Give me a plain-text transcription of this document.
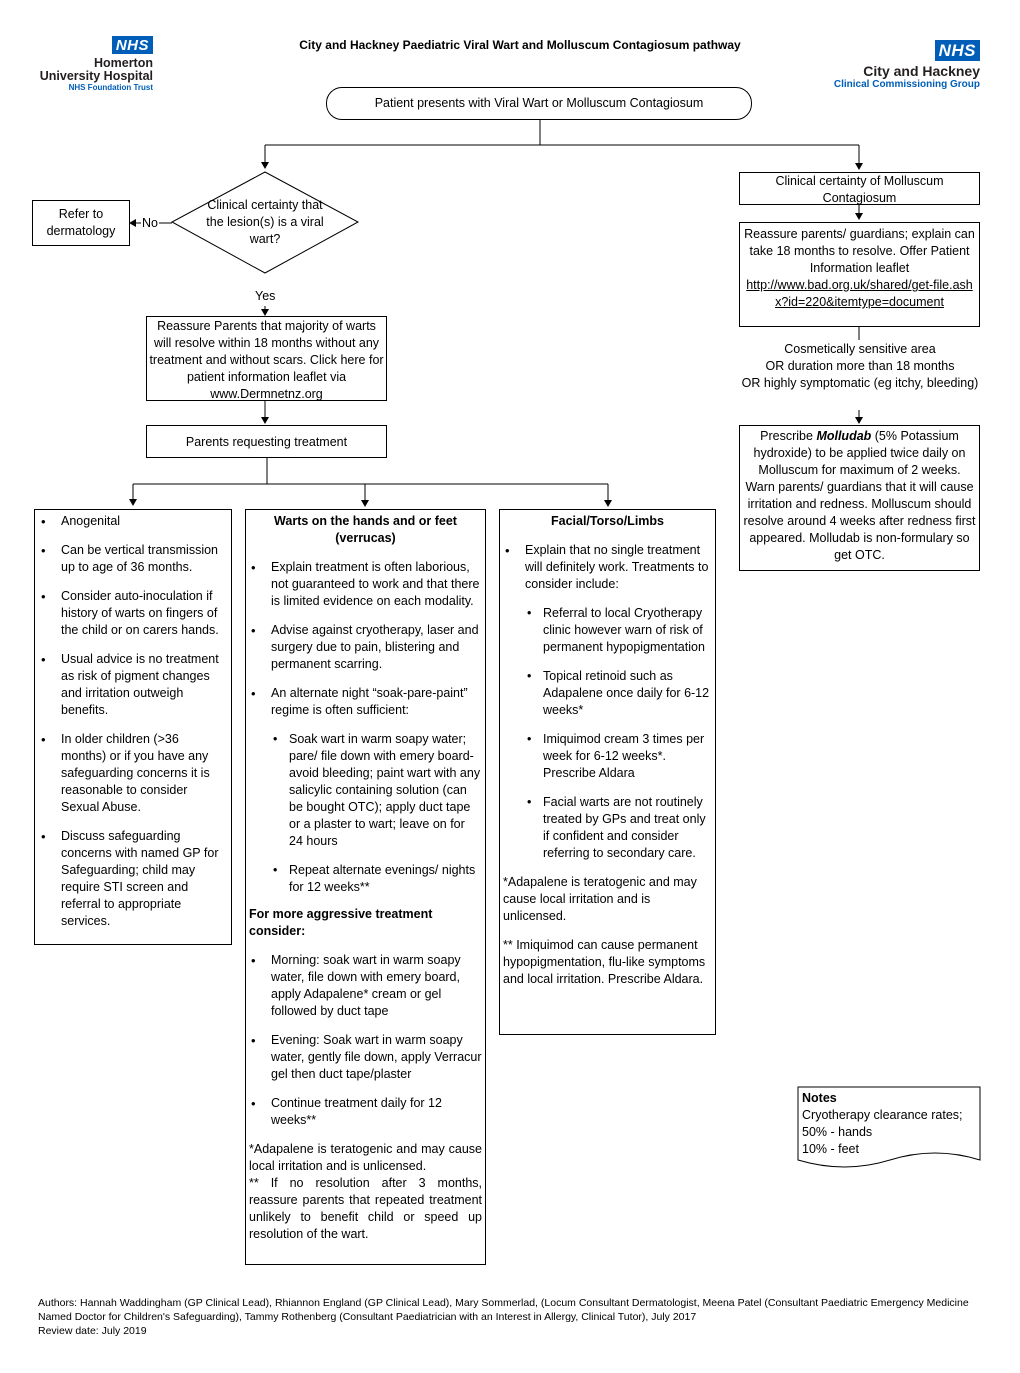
NHS
Homerton
University Hospital
NHS Foundation Trust
City and Hackney Paediatric Viral Wart and Molluscum Contagiosum pathway	NHS
City and Hackney
Clinical Commissioning Group
Patient presents with Viral Wart or Molluscum Contagiosum
Clinical certainty that the lesion(s) is a viral wart?
No
Yes
Refer to dermatology
Reassure Parents that majority of warts will resolve within 18 months without any treatment and without scars. Click here for patient information leaflet via www.Dermnetnz.org
Parents requesting treatment
Clinical certainty of Molluscum Contagiosum
Reassure parents/ guardians; explain can take 18 months to resolve. Offer Patient Information leaflet
http://www.bad.org.uk/shared/get-file.ashx?id=220&itemtype=document
Cosmetically sensitive area
OR duration more than 18 months
OR highly symptomatic (eg itchy, bleeding)
Prescribe Molludab (5% Potassium hydroxide) to be applied twice daily on Molluscum for maximum of 2 weeks. Warn parents/ guardians that it will cause irritation and redness. Molluscum should resolve around 4 weeks after redness first appeared. Molludab is non-formulary so get OTC.
• Anogenital
• Can be vertical transmission up to age of 36 months.
• Consider auto-inoculation if history of warts on fingers of the child or on carers hands.
• Usual advice is no treatment as risk of pigment changes and irritation outweigh benefits.
• In older children (>36 months) or if you have any safeguarding concerns it is reasonable to consider Sexual Abuse.
• Discuss safeguarding concerns with named GP for Safeguarding; child may require STI screen and referral to appropriate services.
Warts on the hands and or feet (verrucas)
• Explain treatment is often laborious, not guaranteed to work and that there is limited evidence on each modality.
• Advise against cryotherapy, laser and surgery due to pain, blistering and permanent scarring.
• An alternate night “soak-pare-paint” regime is often sufficient:
• Soak wart in warm soapy water; pare/ file down with emery board-avoid bleeding; paint wart with any salicylic containing solution (can be bought OTC); apply duct tape or a plaster to wart; leave on for 24 hours
• Repeat alternate evenings/ nights for 12 weeks**
For more aggressive treatment consider:
• Morning: soak wart in warm soapy water, file down with emery board, apply Adapalene* cream or gel followed by duct tape
• Evening: Soak wart in warm soapy water, gently file down, apply Verracur gel then duct tape/plaster
• Continue treatment daily for 12 weeks**
*Adapalene is teratogenic and may cause local irritation and is unlicensed.
** If no resolution after 3 months, reassure parents that repeated treatment unlikely to benefit child or speed up resolution of the wart.
Facial/Torso/Limbs
• Explain that no single treatment will definitely work. Treatments to consider include:
• Referral to local Cryotherapy clinic however warn of risk of permanent hypopigmentation
• Topical retinoid such as Adapalene once daily for 6-12 weeks*
• Imiquimod cream 3 times per week for 6-12 weeks*. Prescribe Aldara
• Facial warts are not routinely treated by GPs and treat only if confident and consider referring to secondary care.
*Adapalene is teratogenic and may cause local irritation and is unlicensed.
** Imiquimod can cause permanent hypopigmentation, flu-like symptoms and local irritation. Prescribe Aldara.
Notes
Cryotherapy clearance rates;
50% - hands
10% - feet
Authors: Hannah Waddingham (GP Clinical Lead), Rhiannon England (GP Clinical Lead), Mary Sommerlad, (Locum Consultant Dermatologist, Meena Patel (Consultant Paediatric Emergency Medicine Named Doctor for Children's Safeguarding), Tammy Rothenberg (Consultant Paediatrician with an Interest in Allergy, Clinical Tutor), July 2017
Review date: July 2019
